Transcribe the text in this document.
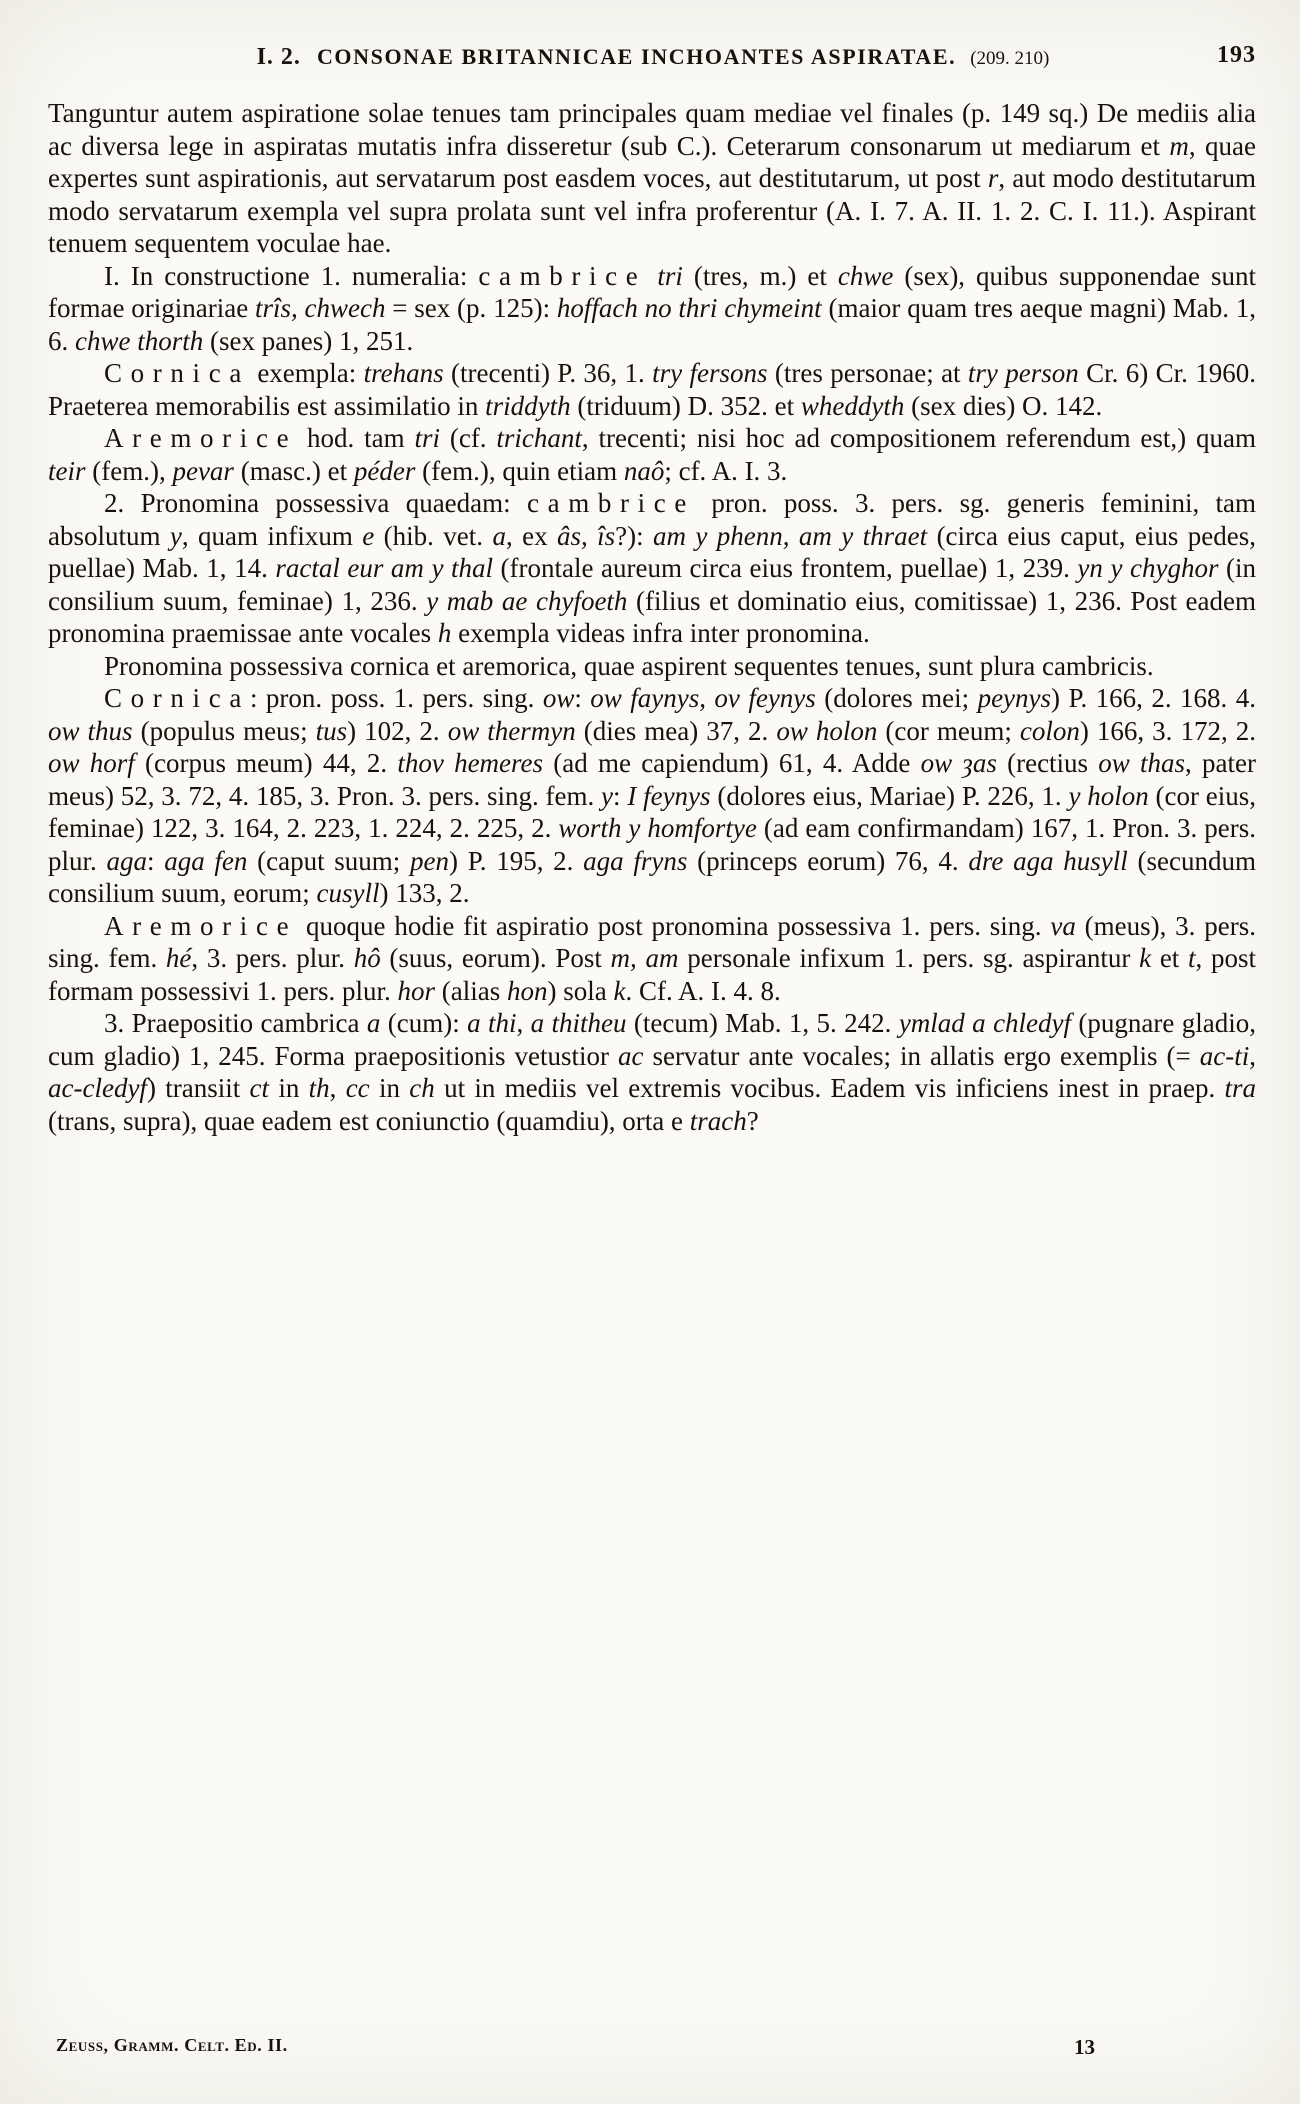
I. 2. CONSONAE BRITANNICAE INCHOANTES ASPIRATAE. (209. 210)	193

Tanguntur autem aspiratione solae tenues tam principales quam mediae vel finales (p. 149 sq.) De mediis alia ac diversa lege in aspiratas mutatis infra disseretur (sub C.). Ceterarum consonarum ut mediarum et m, quae expertes sunt aspirationis, aut servatarum post easdem voces, aut destitutarum, ut post r, aut modo destitutarum modo servatarum exempla vel supra prolata sunt vel infra proferentur (A. I. 7. A. II. 1. 2. C. I. 11.). Aspirant tenuem sequentem voculae hae.

I. In constructione 1. numeralia: cambrice tri (tres, m.) et chwe (sex), quibus supponendae sunt formae originariae trîs, chwech = sex (p. 125): hoffach no thri chymeint (maior quam tres aeque magni) Mab. 1, 6. chwe thorth (sex panes) 1, 251.

Cornica exempla: trehans (trecenti) P. 36, 1. try fersons (tres personae; at try person Cr. 6) Cr. 1960. Praeterea memorabilis est assimilatio in triddyth (triduum) D. 352. et wheddyth (sex dies) O. 142.

Aremorice hod. tam tri (cf. trichant, trecenti; nisi hoc ad compositionem referendum est,) quam teir (fem.), pevar (masc.) et péder (fem.), quin etiam naô; cf. A. I. 3.

2. Pronomina possessiva quaedam: cambrice pron. poss. 3. pers. sg. generis feminini, tam absolutum y, quam infixum e (hib. vet. a, ex âs, îs?): am y phenn, am y thraet (circa eius caput, eius pedes, puellae) Mab. 1, 14. ractal eur am y thal (frontale aureum circa eius frontem, puellae) 1, 239. yn y chyghor (in consilium suum, feminae) 1, 236. y mab ae chyfoeth (filius et dominatio eius, comitissae) 1, 236. Post eadem pronomina praemissae ante vocales h exempla videas infra inter pronomina.

Pronomina possessiva cornica et aremorica, quae aspirent sequentes tenues, sunt plura cambricis.

Cornica: pron. poss. 1. pers. sing. ow: ow faynys, ov feynys (dolores mei; peynys) P. 166, 2. 168. 4. ow thus (populus meus; tus) 102, 2. ow thermyn (dies mea) 37, 2. ow holon (cor meum; colon) 166, 3. 172, 2. ow horf (corpus meum) 44, 2. thov hemeres (ad me capiendum) 61, 4. Adde ow ȝas (rectius ow thas, pater meus) 52, 3. 72, 4. 185, 3. Pron. 3. pers. sing. fem. y: I feynys (dolores eius, Mariae) P. 226, 1. y holon (cor eius, feminae) 122, 3. 164, 2. 223, 1. 224, 2. 225, 2. worth y homfortye (ad eam confirmandam) 167, 1. Pron. 3. pers. plur. aga: aga fen (caput suum; pen) P. 195, 2. aga fryns (princeps eorum) 76, 4. dre aga husyll (secundum consilium suum, eorum; cusyll) 133, 2.

Aremorice quoque hodie fit aspiratio post pronomina possessiva 1. pers. sing. va (meus), 3. pers. sing. fem. hé, 3. pers. plur. hô (suus, eorum). Post m, am personale infixum 1. pers. sg. aspirantur k et t, post formam possessivi 1. pers. plur. hor (alias hon) sola k. Cf. A. I. 4. 8.

3. Praepositio cambrica a (cum): a thi, a thitheu (tecum) Mab. 1, 5. 242. ymlad a chledyf (pugnare gladio, cum gladio) 1, 245. Forma praepositionis vetustior ac servatur ante vocales; in allatis ergo exemplis (= ac-ti, ac-cledyf) transiit ct in th, cc in ch ut in mediis vel extremis vocibus. Eadem vis inficiens inest in praep. tra (trans, supra), quae eadem est coniunctio (quamdiu), orta e trach?

Zeuss, Gramm. Celt. Ed. II.	13
